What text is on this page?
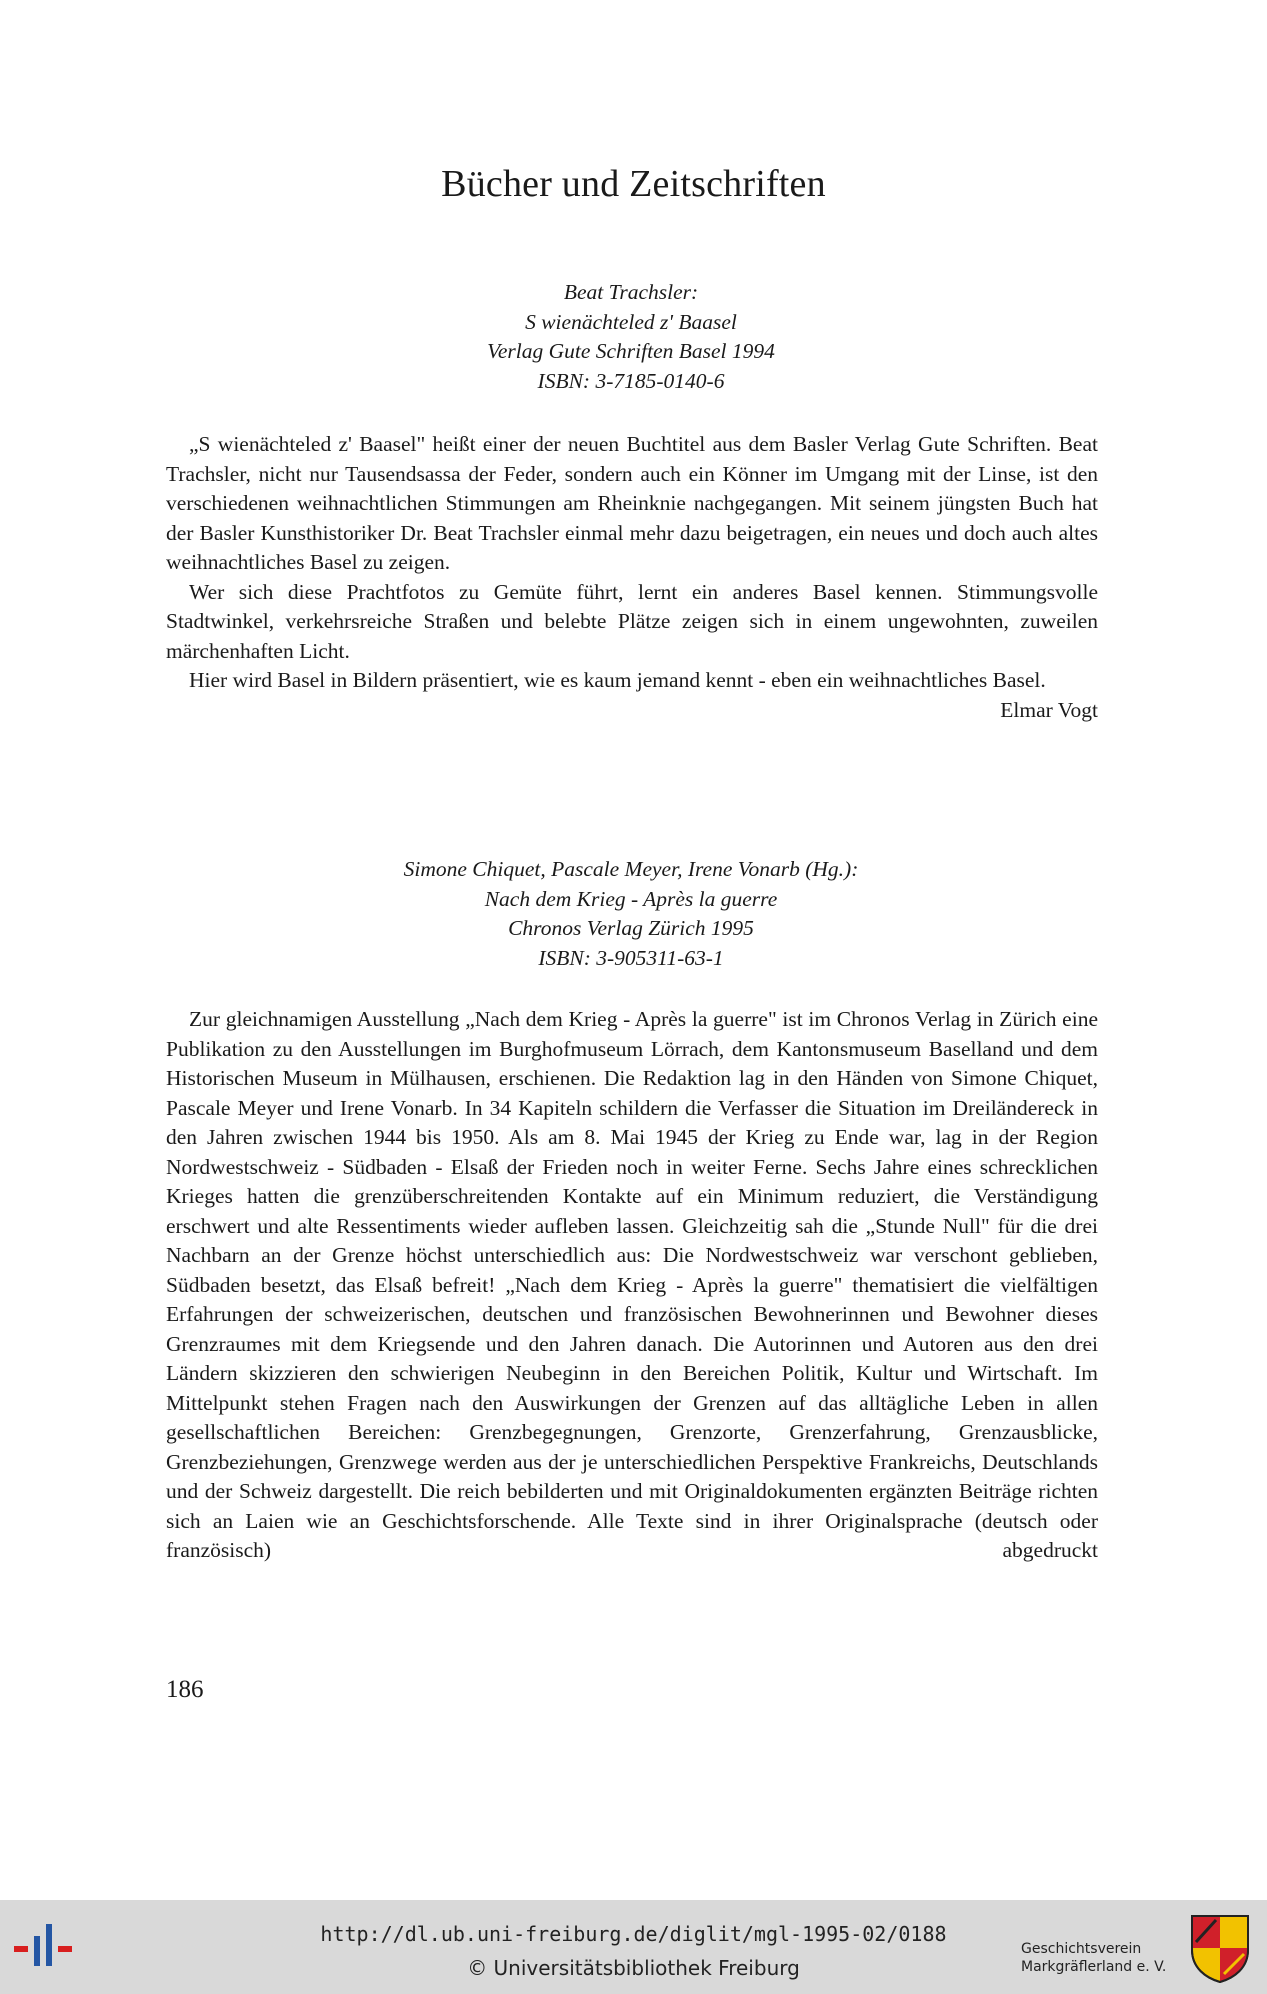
Bücher und Zeitschriften
Beat Trachsler:
S wienächteled z' Baasel
Verlag Gute Schriften Basel 1994
ISBN: 3-7185-0140-6

„S wienächteled z' Baasel" heißt einer der neuen Buchtitel aus dem Basler Verlag Gute Schriften. Beat Trachsler, nicht nur Tausendsassa der Feder, sondern auch ein Könner im Umgang mit der Linse, ist den verschiedenen weihnachtlichen Stimmungen am Rheinknie nachgegangen. Mit seinem jüngsten Buch hat der Basler Kunsthistoriker Dr. Beat Trachsler einmal mehr dazu beigetragen, ein neues und doch auch altes weihnachtliches Basel zu zeigen.

Wer sich diese Prachtfotos zu Gemüte führt, lernt ein anderes Basel kennen. Stimmungsvolle Stadtwinkel, verkehrsreiche Straßen und belebte Plätze zeigen sich in einem ungewohnten, zuweilen märchenhaften Licht.

Hier wird Basel in Bildern präsentiert, wie es kaum jemand kennt - eben ein weihnachtliches Basel.
Elmar Vogt

Simone Chiquet, Pascale Meyer, Irene Vonarb (Hg.):
Nach dem Krieg - Après la guerre
Chronos Verlag Zürich 1995
ISBN: 3-905311-63-1

Zur gleichnamigen Ausstellung „Nach dem Krieg - Après la guerre" ist im Chronos Verlag in Zürich eine Publikation zu den Ausstellungen im Burghofmuseum Lörrach, dem Kantonsmuseum Baselland und dem Historischen Museum in Mülhausen, erschienen. Die Redaktion lag in den Händen von Simone Chiquet, Pascale Meyer und Irene Vonarb. In 34 Kapiteln schildern die Verfasser die Situation im Dreiländereck in den Jahren zwischen 1944 bis 1950. Als am 8. Mai 1945 der Krieg zu Ende war, lag in der Region Nordwestschweiz - Südbaden - Elsaß der Frieden noch in weiter Ferne. Sechs Jahre eines schrecklichen Krieges hatten die grenzüberschreitenden Kontakte auf ein Minimum reduziert, die Verständigung erschwert und alte Ressentiments wieder aufleben lassen. Gleichzeitig sah die „Stunde Null" für die drei Nachbarn an der Grenze höchst unterschiedlich aus: Die Nordwestschweiz war verschont geblieben, Südbaden besetzt, das Elsaß befreit! „Nach dem Krieg - Après la guerre" thematisiert die vielfältigen Erfahrungen der schweizerischen, deutschen und französischen Bewohnerinnen und Bewohner dieses Grenzraumes mit dem Kriegsende und den Jahren danach. Die Autorinnen und Autoren aus den drei Ländern skizzieren den schwierigen Neubeginn in den Bereichen Politik, Kultur und Wirtschaft. Im Mittelpunkt stehen Fragen nach den Auswirkungen der Grenzen auf das alltägliche Leben in allen gesellschaftlichen Bereichen: Grenzbegegnungen, Grenzorte, Grenzerfahrung, Grenzausblicke, Grenzbeziehungen, Grenzwege werden aus der je unterschiedlichen Perspektive Frankreichs, Deutschlands und der Schweiz dargestellt. Die reich bebilderten und mit Originaldokumenten ergänzten Beiträge richten sich an Laien wie an Geschichtsforschende. Alle Texte sind in ihrer Originalsprache (deutsch oder französisch) abgedruckt

186
http://dl.ub.uni-freiburg.de/diglit/mgl-1995-02/0188
© Universitätsbibliothek Freiburg
Geschichtsverein
Markgräflerland e. V.
